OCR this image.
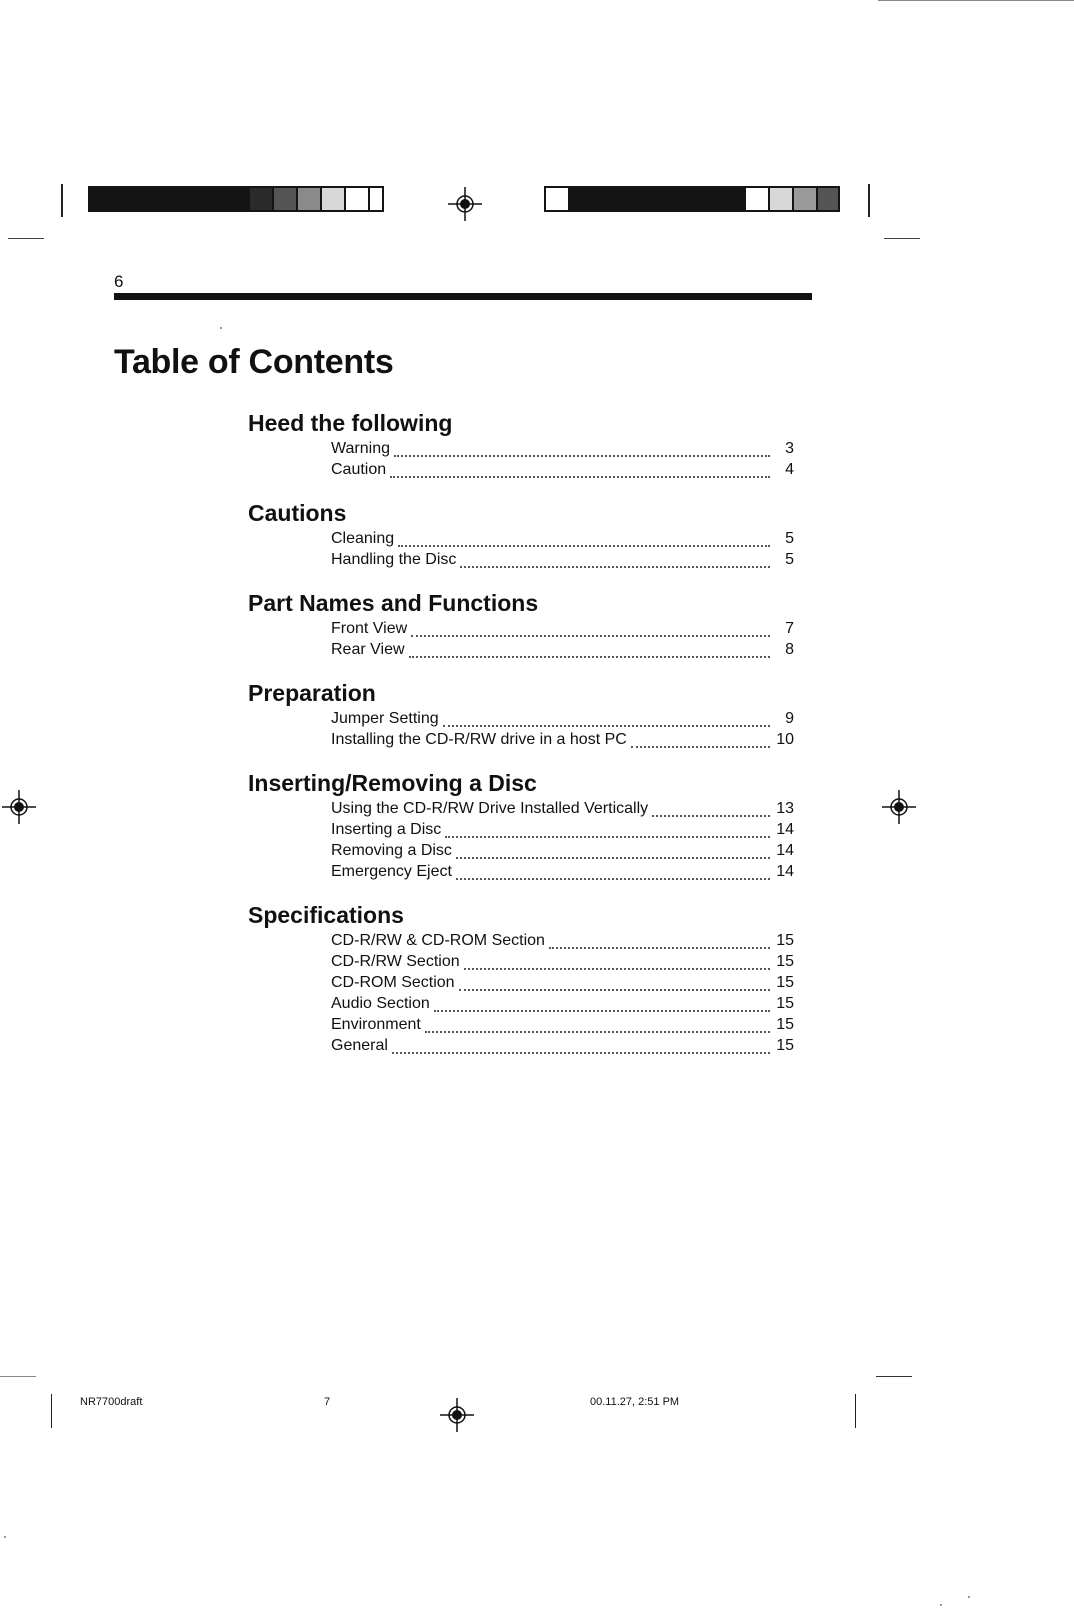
6
Table of Contents
Heed the following
Warning	3
Caution	4
Cautions
Cleaning	5
Handling the Disc	5
Part Names and Functions
Front View	7
Rear View	8
Preparation
Jumper Setting	9
Installing the CD-R/RW drive in a host PC	10
Inserting/Removing a Disc
Using the CD-R/RW Drive Installed Vertically	13
Inserting a Disc	14
Removing a Disc	14
Emergency Eject	14
Specifications
CD-R/RW & CD-ROM Section	15
CD-R/RW Section	15
CD-ROM Section	15
Audio Section	15
Environment	15
General	15
NR7700draft	7	00.11.27, 2:51 PM
